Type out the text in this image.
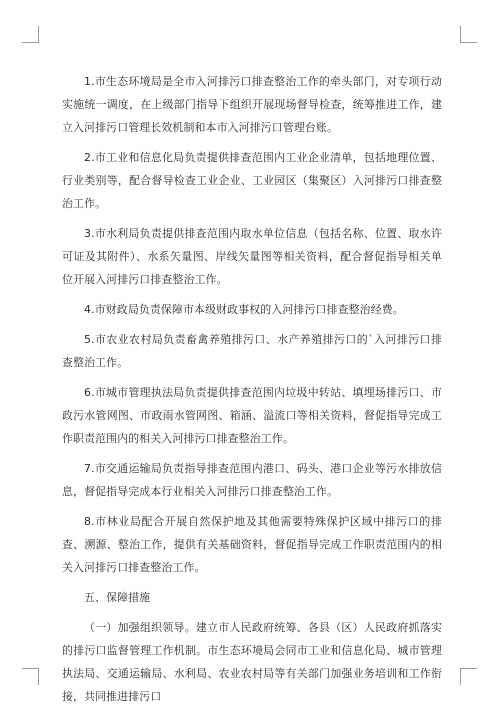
1.市生态环境局是全市入河排污口排查整治工作的牵头部门，对专项行动实施统一调度，在上级部门指导下组织开展现场督导检查，统筹推进工作，建立入河排污口管理长效机制和本市入河排污口管理台账。

2.市工业和信息化局负责提供排查范围内工业企业清单，包括地理位置、行业类别等，配合督导检查工业企业、工业园区（集聚区）入河排污口排查整治工作。

3.市水利局负责提供排查范围内取水单位信息（包括名称、位置、取水许可证及其附件）、水系矢量图、岸线矢量图等相关资料，配合督促指导相关单位开展入河排污口排查整治工作。

4.市财政局负责保障市本级财政事权的入河排污口排查整治经费。

5.市农业农村局负责畜禽养殖排污口、水产养殖排污口的`入河排污口排查整治工作。

6.市城市管理执法局负责提供排查范围内垃圾中转站、填埋场排污口、市政污水管网图、市政雨水管网图、箱涵、溢流口等相关资料，督促指导完成工作职责范围内的相关入河排污口排查整治工作。

7.市交通运输局负责指导排查范围内港口、码头、港口企业等污水排放信息，督促指导完成本行业相关入河排污口排查整治工作。

8.市林业局配合开展自然保护地及其他需要特殊保护区域中排污口的排查、溯源、整治工作，提供有关基础资料，督促指导完成工作职责范围内的相关入河排污口排查整治工作。

五、保障措施

（一）加强组织领导。建立市人民政府统筹、各县（区）人民政府抓落实的排污口监督管理工作机制。市生态环境局会同市工业和信息化局、城市管理执法局、交通运输局、水利局、农业农村局等有关部门加强业务培训和工作衔接，共同推进排污口
